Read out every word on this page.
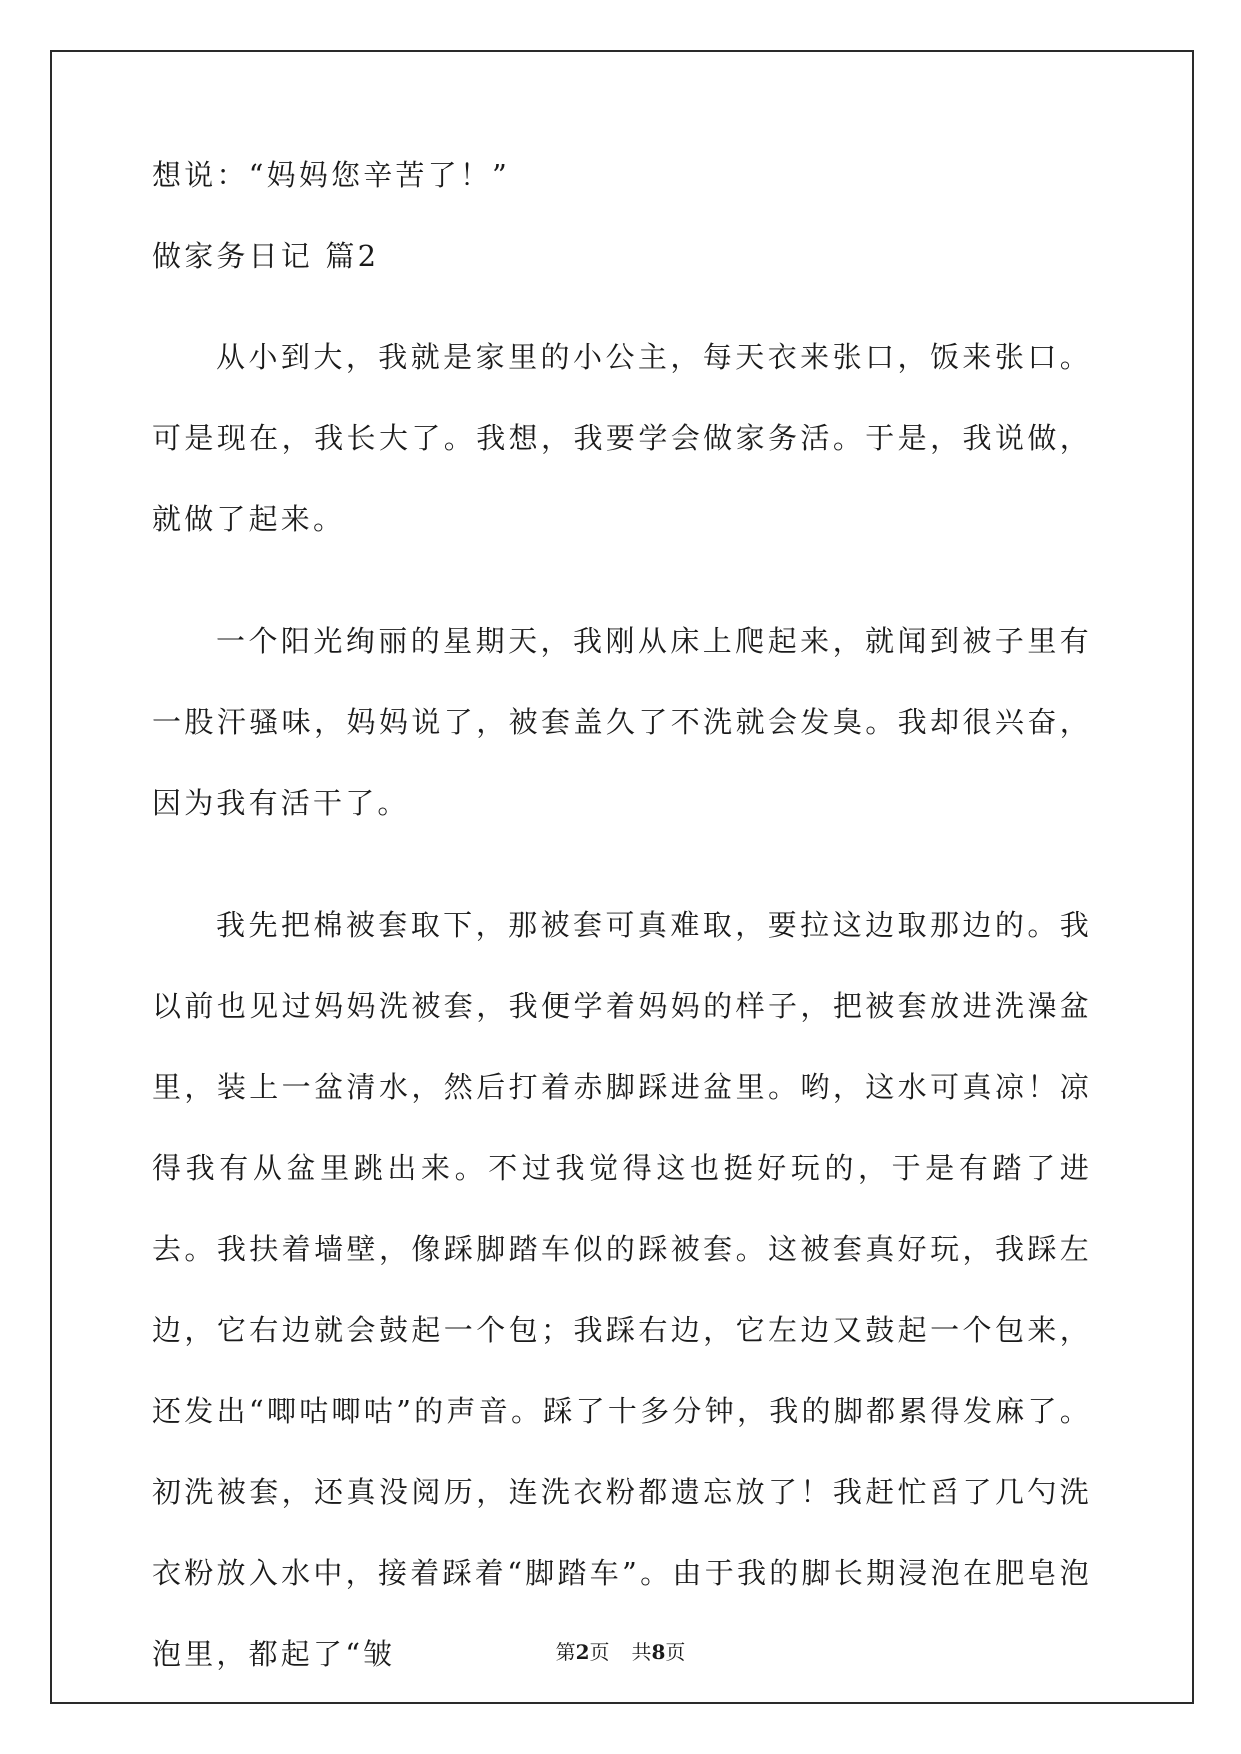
想说：“妈妈您辛苦了！”
做家务日记 篇2

从小到大，我就是家里的小公主，每天衣来张口，饭来张口。可是现在，我长大了。我想，我要学会做家务活。于是，我说做，就做了起来。

一个阳光绚丽的星期天，我刚从床上爬起来，就闻到被子里有一股汗骚味，妈妈说了，被套盖久了不洗就会发臭。我却很兴奋，因为我有活干了。

我先把棉被套取下，那被套可真难取，要拉这边取那边的。我以前也见过妈妈洗被套，我便学着妈妈的样子，把被套放进洗澡盆里，装上一盆清水，然后打着赤脚踩进盆里。哟，这水可真凉！凉得我有从盆里跳出来。不过我觉得这也挺好玩的，于是有踏了进去。我扶着墙壁，像踩脚踏车似的踩被套。这被套真好玩，我踩左边，它右边就会鼓起一个包；我踩右边，它左边又鼓起一个包来，还发出“唧咕唧咕”的声音。踩了十多分钟，我的脚都累得发麻了。初洗被套，还真没阅历，连洗衣粉都遗忘放了！我赶忙舀了几勺洗衣粉放入水中，接着踩着“脚踏车”。由于我的脚长期浸泡在肥皂泡泡里，都起了“皱	第2页 共8页
